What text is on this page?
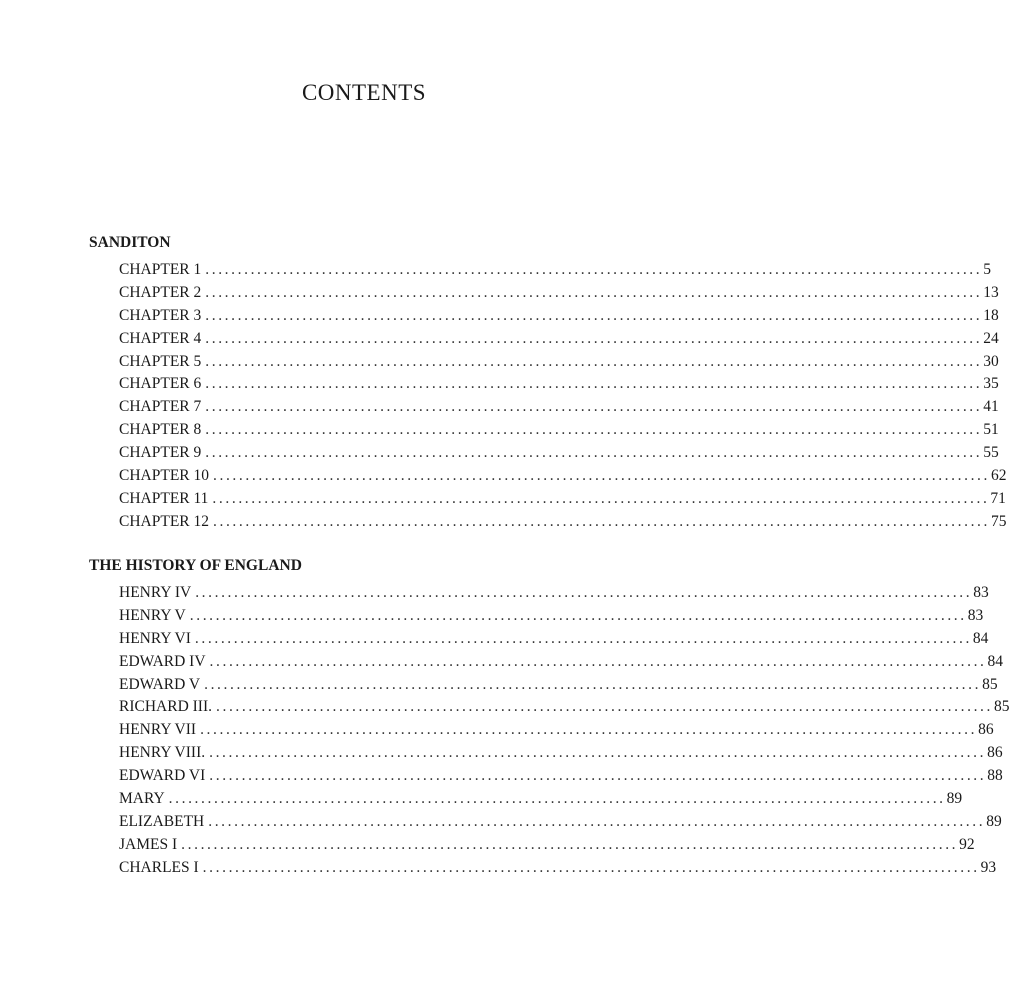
CONTENTS
SANDITON
CHAPTER 1 ........................................................................................................................ 5
CHAPTER 2 ........................................................................................................................ 13
CHAPTER 3 ........................................................................................................................ 18
CHAPTER 4 ........................................................................................................................ 24
CHAPTER 5 ........................................................................................................................ 30
CHAPTER 6 ........................................................................................................................ 35
CHAPTER 7 ........................................................................................................................ 41
CHAPTER 8 ........................................................................................................................ 51
CHAPTER 9 ........................................................................................................................ 55
CHAPTER 10 ........................................................................................................................ 62
CHAPTER 11 ........................................................................................................................ 71
CHAPTER 12 ........................................................................................................................ 75
THE HISTORY OF ENGLAND
HENRY IV ........................................................................................................................ 83
HENRY V ........................................................................................................................ 83
HENRY VI ........................................................................................................................ 84
EDWARD IV ........................................................................................................................ 84
EDWARD V ........................................................................................................................ 85
RICHARD III. ........................................................................................................................ 85
HENRY VII ........................................................................................................................ 86
HENRY VIII. ........................................................................................................................ 86
EDWARD VI ........................................................................................................................ 88
MARY ........................................................................................................................ 89
ELIZABETH ........................................................................................................................ 89
JAMES I ........................................................................................................................ 92
CHARLES I ........................................................................................................................ 93
